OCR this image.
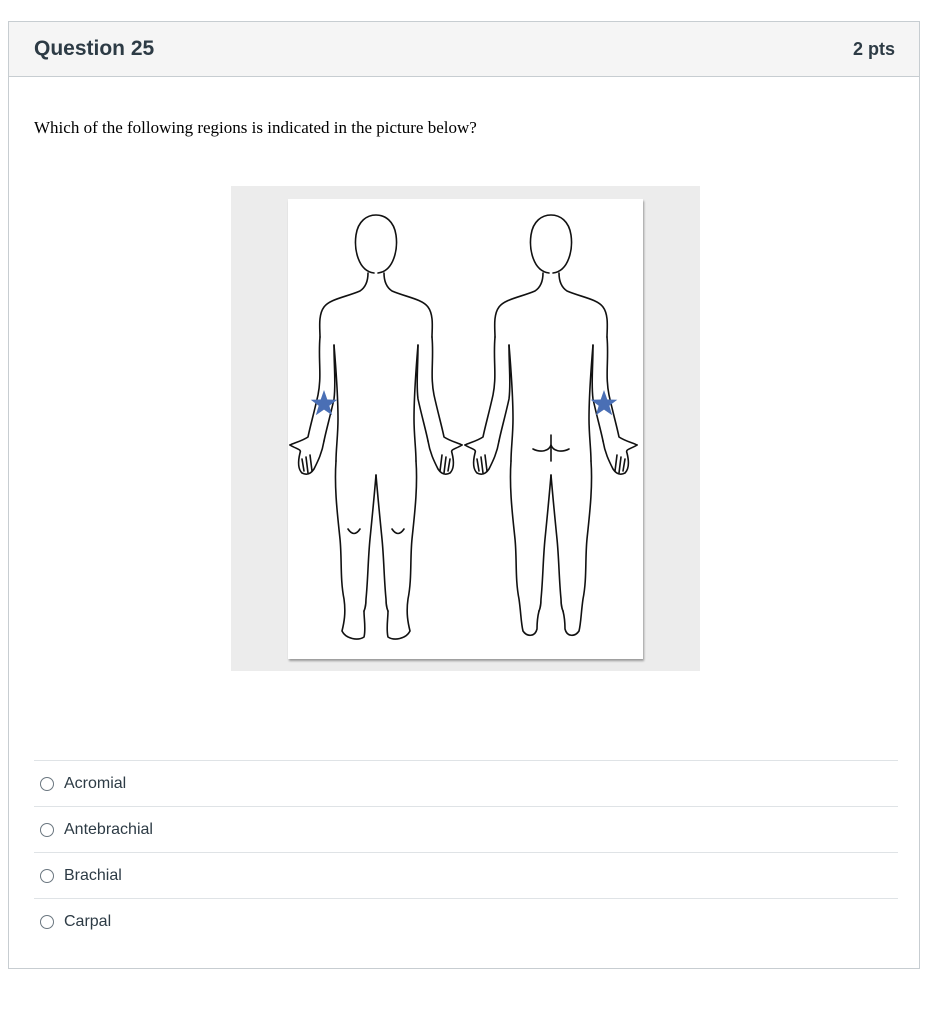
Question 25	2 pts
Which of the following regions is indicated in the picture below?
Acromial
Antebrachial
Brachial
Carpal
